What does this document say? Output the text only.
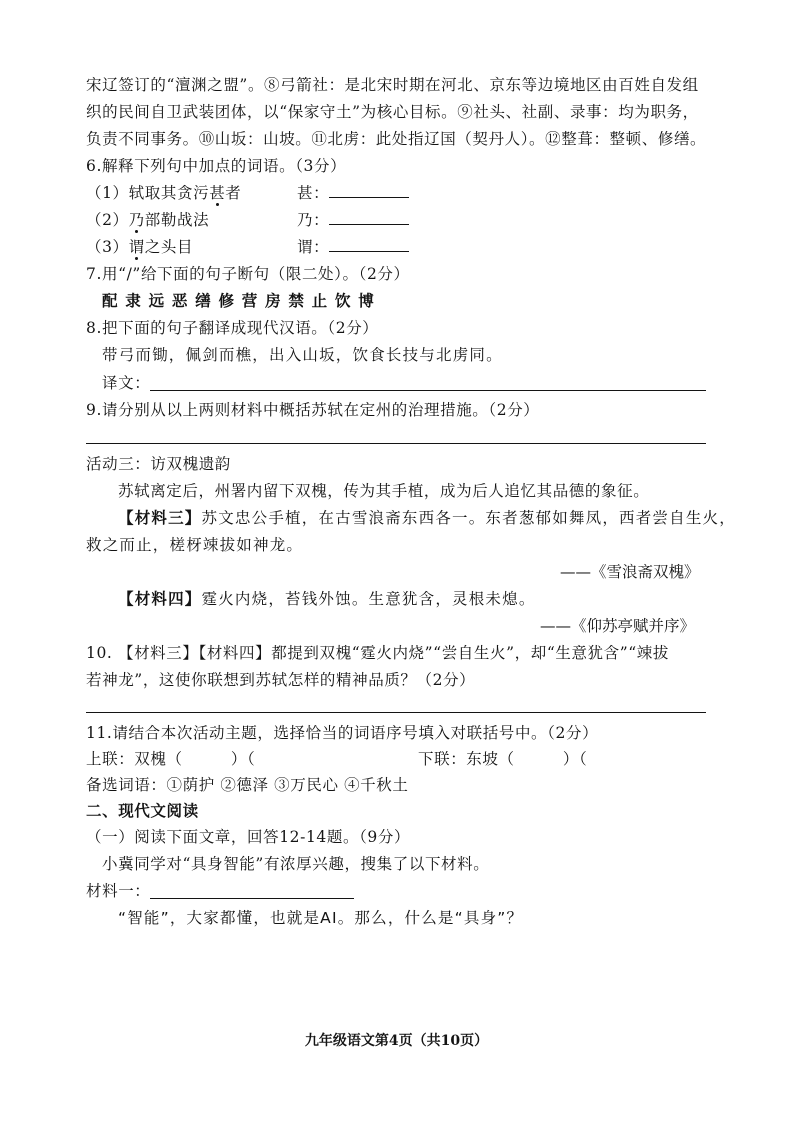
宋辽签订的“澶渊之盟”。⑧弓箭社：是北宋时期在河北、京东等边境地区由百姓自发组
织的民间自卫武装团体，以“保家守土”为核心目标。⑨社头、社副、录事：均为职务，
负责不同事务。⑩山坂：山坡。⑪北虏：此处指辽国（契丹人）。⑫整葺：整顿、修缮。
6.解释下列句中加点的词语。（3分）
（1）轼取其贪污甚者	甚：
（2）乃部勒战法	乃：
（3）谓之头目	谓：
7.用“/”给下面的句子断句（限二处）。（2分）
配 隶 远 恶 缮 修 营 房 禁 止 饮 博
8.把下面的句子翻译成现代汉语。（2分）
带弓而锄，佩剑而樵，出入山坂，饮食长技与北虏同。
译文：
9.请分别从以上两则材料中概括苏轼在定州的治理措施。（2分）
活动三：访双槐遗韵
苏轼离定后，州署内留下双槐，传为其手植，成为后人追忆其品德的象征。
【材料三】苏文忠公手植，在古雪浪斋东西各一。东者葱郁如舞凤，西者尝自生火，
救之而止，槎枒竦拔如神龙。
——《雪浪斋双槐》
【材料四】霆火内烧，苔钱外蚀。生意犹含，灵根未熄。
——《仰苏亭赋并序》
10. 【材料三】【材料四】都提到双槐“霆火内烧”“尝自生火”，却“生意犹含”“竦拔
若神龙”，这使你联想到苏轼怎样的精神品质？（2分）
11.请结合本次活动主题，选择恰当的词语序号填入对联括号中。（2分）
上联：双槐（　　　）（	下联：东坡（　　　）（
备选词语：①荫护 ②德泽 ③万民心 ④千秋土
二、现代文阅读
（一）阅读下面文章，回答12-14题。（9分）
小冀同学对“具身智能”有浓厚兴趣，搜集了以下材料。
材料一：
“智能”，大家都懂，也就是AI。那么，什么是“具身”？
九年级语文第4页（共10页）
